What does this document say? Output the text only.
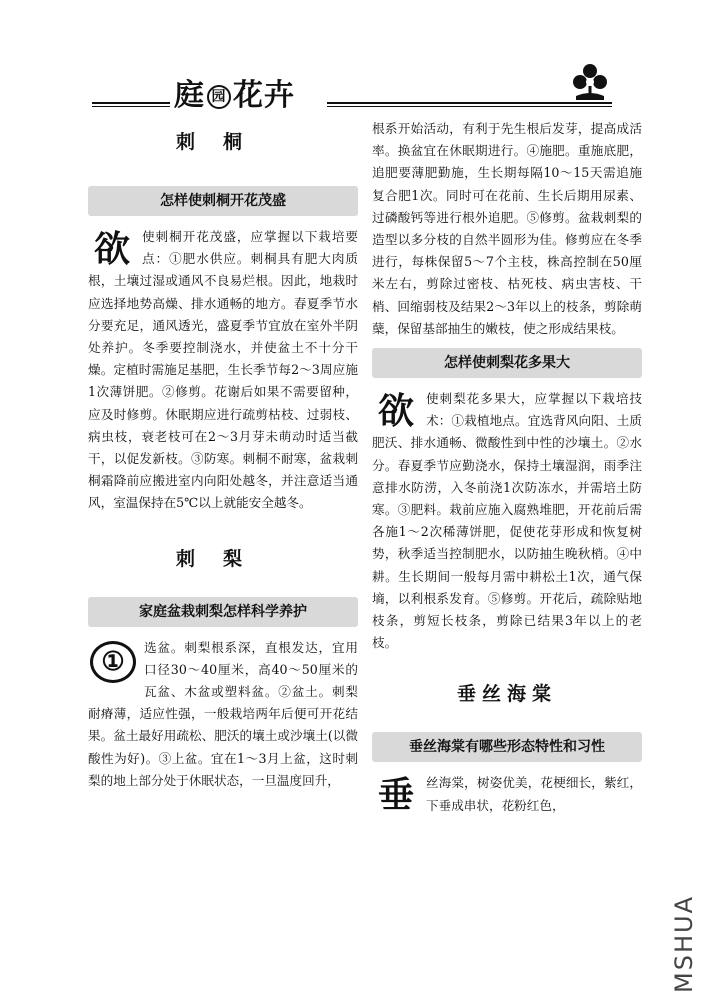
庭 园 花卉
刺桐
怎样使刺桐开花茂盛

欲使刺桐开花茂盛，应掌握以下栽培要点：①肥水供应。刺桐具有肥大肉质根，土壤过湿或通风不良易烂根。因此，地栽时应选择地势高燥、排水通畅的地方。春夏季节水分要充足，通风透光，盛夏季节宜放在室外半阴处养护。冬季要控制浇水，并使盆土不十分干燥。定植时需施足基肥，生长季节每2～3周应施1次薄饼肥。②修剪。花谢后如果不需要留种，应及时修剪。休眠期应进行疏剪枯枝、过弱枝、病虫枝，衰老枝可在2～3月芽未萌动时适当截干，以促发新枝。③防寒。刺桐不耐寒，盆栽刺桐霜降前应搬进室内向阳处越冬，并注意适当通风，室温保持在5℃以上就能安全越冬。

刺梨
家庭盆栽刺梨怎样科学养护

①	选盆。刺梨根系深，直根发达，宜用口径30～40厘米，高40～50厘米的瓦盆、木盆或塑料盆。②盆土。刺梨耐瘠薄，适应性强，一般栽培两年后便可开花结果。盆土最好用疏松、肥沃的壤土或沙壤土(以微酸性为好)。③上盆。宜在1～3月上盆，这时刺梨的地上部分处于休眠状态，一旦温度回升，

根系开始活动，有利于先生根后发芽，提高成活率。换盆宜在休眠期进行。④施肥。重施底肥，追肥要薄肥勤施，生长期每隔10～15天需追施复合肥1次。同时可在花前、生长后期用尿素、过磷酸钙等进行根外追肥。⑤修剪。盆栽刺梨的造型以多分枝的自然半圆形为佳。修剪应在冬季进行，每株保留5～7个主枝，株高控制在50厘米左右，剪除过密枝、枯死枝、病虫害枝、干梢、回缩弱枝及结果2～3年以上的枝条，剪除萌蘖，保留基部抽生的嫩枝，使之形成结果枝。

怎样使刺梨花多果大

欲使刺梨花多果大，应掌握以下栽培技术：①栽植地点。宜选背风向阳、土质肥沃、排水通畅、微酸性到中性的沙壤土。②水分。春夏季节应勤浇水，保持土壤湿润，雨季注意排水防涝，入冬前浇1次防冻水，并需培土防寒。③肥料。栽前应施入腐熟堆肥，开花前后需各施1～2次稀薄饼肥，促使花芽形成和恢复树势，秋季适当控制肥水，以防抽生晚秋梢。④中耕。生长期间一般每月需中耕松土1次，通气保墒，以利根系发育。⑤修剪。开花后，疏除贴地枝条，剪短长枝条，剪除已结果3年以上的老枝。

垂丝海棠
垂丝海棠有哪些形态特性和习性

垂丝海棠，树姿优美，花梗细长，紫红，下垂成串状，花粉红色，

MSHUA
